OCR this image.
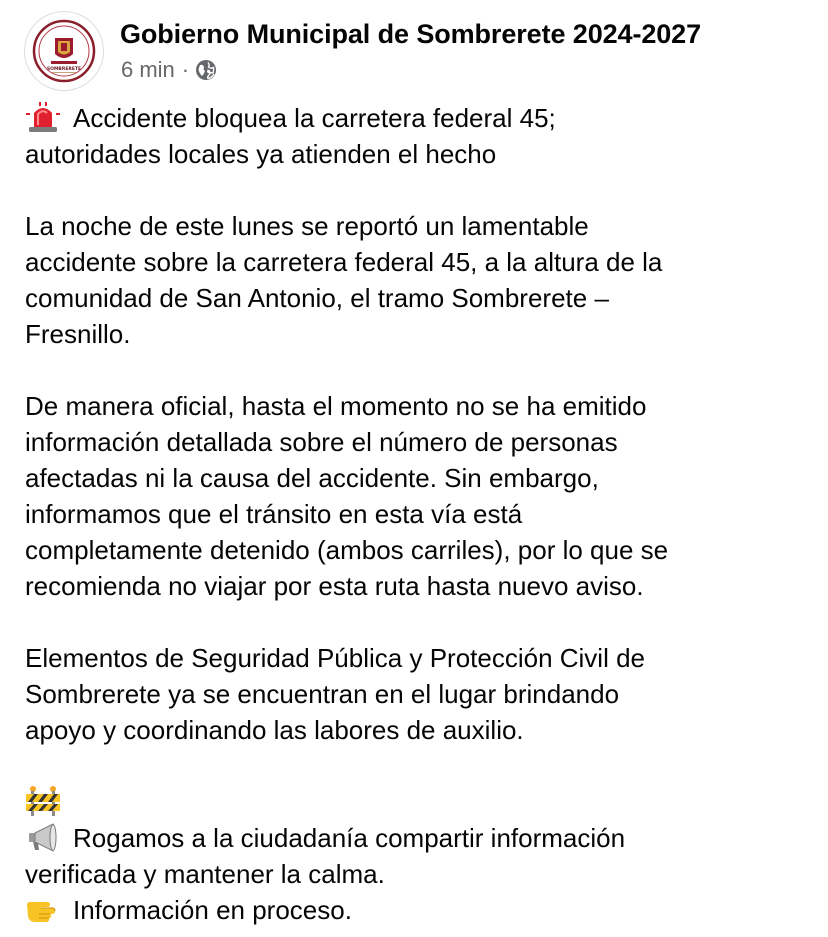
SOMBRERETE
Gobierno Municipal de Sombrerete 2024-2027
6 min ·
Accidente bloquea la carretera federal 45;
autoridades locales ya atienden el hecho
La noche de este lunes se reportó un lamentable
accidente sobre la carretera federal 45, a la altura de la
comunidad de San Antonio, el tramo Sombrerete –
Fresnillo.
De manera oficial, hasta el momento no se ha emitido
información detallada sobre el número de personas
afectadas ni la causa del accidente. Sin embargo,
informamos que el tránsito en esta vía está
completamente detenido (ambos carriles), por lo que se
recomienda no viajar por esta ruta hasta nuevo aviso.
Elementos de Seguridad Pública y Protección Civil de
Sombrerete ya se encuentran en el lugar brindando
apoyo y coordinando las labores de auxilio.
Rogamos a la ciudadanía compartir información
verificada y mantener la calma.
Información en proceso.
